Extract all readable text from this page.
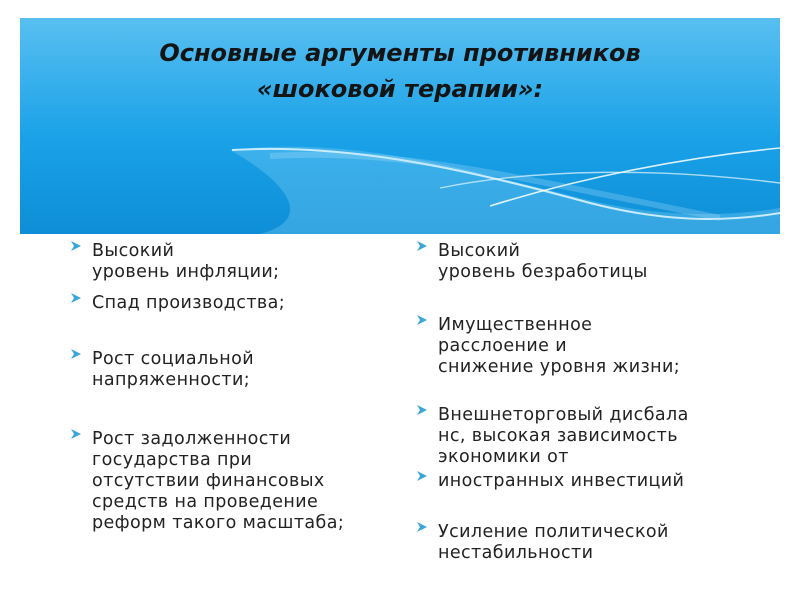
Основные аргументы противников
«шоковой терапии»:
Высокий
уровень инфляции;
Спад производства;
Рост социальной
напряженности;
Рост задолженности
государства при
отсутствии финансовых
средств на проведение
реформ такого масштаба;
Высокий
уровень безработицы
Имущественное
расслоение и
снижение уровня жизни;
Внешнеторговый дисбала
нс, высокая зависимость
экономики от
иностранных инвестиций
Усиление политической
нестабильности
